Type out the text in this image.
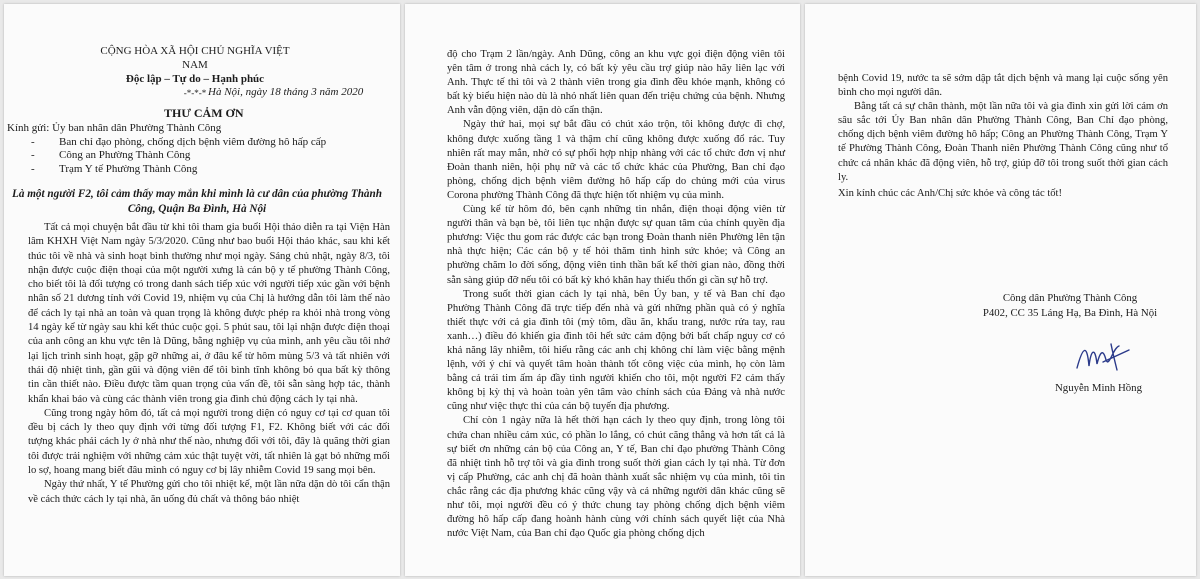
CỘNG HÒA XÃ HỘI CHỦ NGHĨA VIỆT NAM
Độc lập – Tự do – Hạnh phúc
-*-*-* Hà Nội, ngày 18 tháng 3 năm 2020
THƯ CẢM ƠN
Kính gửi: Ủy ban nhân dân Phường Thành Công
- Ban chỉ đạo phòng, chống dịch bệnh viêm đường hô hấp cấp
- Công an Phường Thành Công
- Trạm Y tế Phường Thành Công
Là một người F2, tôi cảm thấy may mắn khi mình là cư dân của phường Thành Công, Quận Ba Đình, Hà Nội

Tất cả mọi chuyện bắt đầu từ khi tôi tham gia buổi Hội thảo diễn ra tại Viện Hàn lâm KHXH Việt Nam ngày 5/3/2020. Cũng như bao buổi Hội thảo khác, sau khi kết thúc tôi về nhà và sinh hoạt bình thường như mọi ngày. Sáng chủ nhật, ngày 8/3, tôi nhận được cuộc điện thoại của một người xưng là cán bộ y tế phường Thành Công, cho biết tôi là đối tượng có trong danh sách tiếp xúc với người tiếp xúc gần với bệnh nhân số 21 dương tính với Covid 19, nhiệm vụ của Chị là hướng dẫn tôi làm thế nào để cách ly tại nhà an toàn và quan trọng là không được phép ra khỏi nhà trong vòng 14 ngày kể từ ngày sau khi kết thúc cuộc gọi. 5 phút sau, tôi lại nhận được điện thoại của anh công an khu vực tên là Dũng, bằng nghiệp vụ của mình, anh yêu cầu tôi nhớ lại lịch trình sinh hoạt, gặp gỡ những ai, ở đâu kể từ hôm mùng 5/3 và tất nhiên với thái độ nhiệt tình, gần gũi và động viên để tôi bình tĩnh không bỏ qua bất kỳ thông tin cần thiết nào. Điều được tầm quan trọng của vấn đề, tôi sẵn sàng hợp tác, thành khẩn khai báo và cùng các thành viên trong gia đình chủ động cách ly tại nhà.

Cũng trong ngày hôm đó, tất cả mọi người trong diện có nguy cơ tại cơ quan tôi đều bị cách ly theo quy định với từng đối tượng F1, F2. Không biết với các đối tượng khác phải cách ly ở nhà như thế nào, nhưng đối với tôi, đây là quãng thời gian tôi được trải nghiệm với những cảm xúc thật tuyệt vời, tất nhiên là gạt bỏ những mối lo sợ, hoang mang biết đâu mình có nguy cơ bị lây nhiễm Covid 19 sang mọi bên.

Ngày thứ nhất, Y tế Phường gửi cho tôi nhiệt kế, một lần nữa dặn dò tôi cẩn thận về cách thức cách ly tại nhà, ăn uống đủ chất và thông báo nhiệt

độ cho Trạm 2 lần/ngày. Anh Dũng, công an khu vực gọi điện động viên tôi yên tâm ở trong nhà cách ly, có bất kỳ yêu cầu trợ giúp nào hãy liên lạc với Anh. Thực tế thì tôi và 2 thành viên trong gia đình đều khỏe mạnh, không có bất kỳ biểu hiện nào dù là nhỏ nhất liên quan đến triệu chứng của bệnh. Nhưng Anh vẫn động viên, dặn dò cẩn thận.

Ngày thứ hai, mọi sự bắt đầu có chút xáo trộn, tôi không được đi chợ, không được xuống tầng 1 và thậm chí cũng không được xuống đổ rác. Tuy nhiên rất may mắn, nhờ có sự phối hợp nhịp nhàng với các tổ chức đơn vị như Đoàn thanh niên, hội phụ nữ và các tổ chức khác của Phường, Ban chỉ đạo phòng, chống dịch bệnh viêm đường hô hấp cấp do chủng mới của virus Corona phường Thành Công đã thực hiện tốt nhiệm vụ của mình.

Cùng kể từ hôm đó, bên cạnh những tin nhắn, điện thoại động viên từ người thân và bạn bè, tôi liên tục nhận được sự quan tâm của chính quyền địa phương: Việc thu gom rác được các bạn trong Đoàn thanh niên Phường lên tận nhà thực hiện; Các cán bộ y tế hỏi thăm tình hình sức khỏe; và Công an phường chăm lo đời sống, động viên tinh thần bất kể thời gian nào, đồng thời sẵn sàng giúp đỡ nếu tôi có bất kỳ khó khăn hay thiếu thốn gì cần sự hỗ trợ.

Trong suốt thời gian cách ly tại nhà, bên Ủy ban, y tế và Ban chỉ đạo Phường Thành Công đã trực tiếp đến nhà và gửi những phần quà có ý nghĩa thiết thực với cả gia đình tôi (mỳ tôm, dầu ăn, khẩu trang, nước rửa tay, rau xanh…) điều đó khiến gia đình tôi hết sức cảm động bởi bất chấp nguy cơ có khả năng lây nhiễm, tôi hiểu rằng các anh chị không chỉ làm việc bằng mệnh lệnh, với ý chí và quyết tâm hoàn thành tốt công việc của mình, họ còn làm bằng cả trái tim ấm áp đầy tình người khiến cho tôi, một người F2 cảm thấy không bị kỳ thị và hoàn toàn yên tâm vào chính sách của Đảng và nhà nước cũng như việc thực thi của cán bộ tuyến địa phương.

Chỉ còn 1 ngày nữa là hết thời hạn cách ly theo quy định, trong lòng tôi chứa chan nhiều cảm xúc, có phần lo lắng, có chút căng thẳng và hơn tất cả là sự biết ơn những cán bộ của Công an, Y tế, Ban chỉ đạo phường Thành Công đã nhiệt tình hỗ trợ tôi và gia đình trong suốt thời gian cách ly tại nhà. Từ đơn vị cấp Phường, các anh chị đã hoàn thành xuất sắc nhiệm vụ của mình, tôi tin chắc rằng các địa phương khác cũng vậy và cả những người dân khác cũng sẽ như tôi, mọi người đều có ý thức chung tay phòng chống dịch bệnh viêm đường hô hấp cấp đang hoành hành cùng với chính sách quyết liệt của Nhà nước Việt Nam, của Ban chỉ đạo Quốc gia phòng chống dịch

bệnh Covid 19, nước ta sẽ sớm dập tắt dịch bệnh và mang lại cuộc sống yên bình cho mọi người dân.

Bằng tất cả sự chân thành, một lần nữa tôi và gia đình xin gửi lời cám ơn sâu sắc tới Ủy Ban nhân dân Phường Thành Công, Ban Chỉ đạo phòng, chống dịch bệnh viêm đường hô hấp; Công an Phường Thành Công, Trạm Y tế Phường Thành Công, Đoàn Thanh niên Phường Thành Công cũng như tổ chức cá nhân khác đã động viên, hỗ trợ, giúp đỡ tôi trong suốt thời gian cách ly.

Xin kính chúc các Anh/Chị sức khỏe và công tác tốt!

Công dân Phường Thành Công
P402, CC 35 Láng Hạ, Ba Đình, Hà Nội
Nguyễn Minh Hồng
